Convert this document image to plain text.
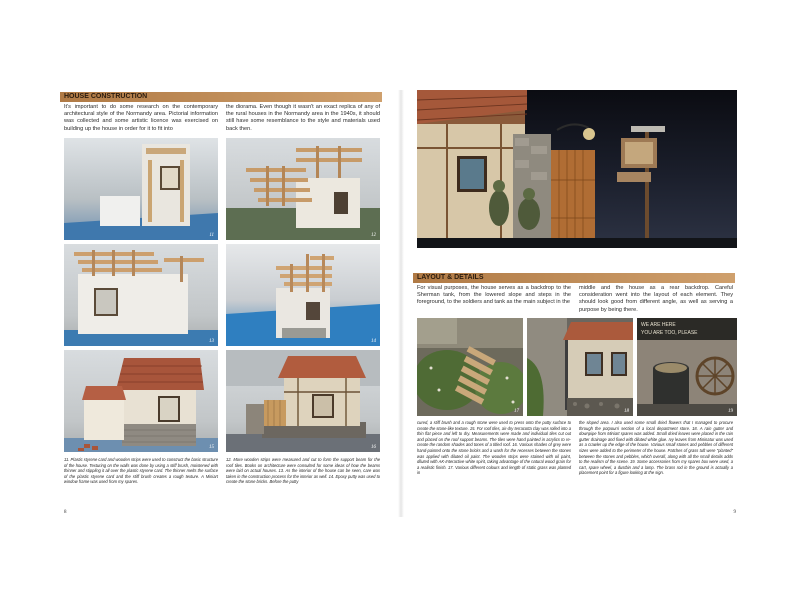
HOUSE CONSTRUCTION

It's important to do some research on the contemporary architectural style of the Normandy area. Pictorial information was collected and some artistic licence was exercised on building up the house in order for it to fit into

the diorama. Even though it wasn't an exact replica of any of the rural houses in the Normandy area in the 1940s, it should still have some resemblance to the style and materials used back then.

11	12
13	14
15	16

11. Plastic styrene card and wooden strips were used to construct the basic structure of the house. Texturing on the walls was done by using a stiff brush, moistened with thinner and stippling it all over the plastic styrene card. The thinner melts the surface of the plastic styrene card and the stiff brush creates a rough texture. A Miniart window frame was used from my spares.

12. More wooden strips were measured and cut to form the support beam for the roof tiles. Books on architecture were consulted for some ideas of how the beams were laid on actual houses. 13. As the interior of the house can be seen, care was taken in the construction process for the interior as well. 14. Epoxy putty was used to create the stone bricks. Before the putty

8
LAYOUT & DETAILS

For visual purposes, the house serves as a backdrop to the Sherman tank, from the lowered slope and steps in the foreground, to the soldiers and tank as the main subject in the

middle and the house as a rear backdrop. Careful consideration went into the layout of each element. They should look good from different angle, as well as serving a purpose by being there.

17	18
WE ARE HERE
YOU ARE TOO, PLEASE
19

cured, a stiff brush and a rough stone were used to press onto the putty surface to create the stone-like texture. 15. For roof tiles, air-dry terracotta clay was rolled into a thin flat piece and left to dry. Measurements were made and individual tiles cut out and placed on the roof support beams. The tiles were hand painted in acrylics to re-create the random shades and tones of a titled roof. 16. Various shades of grey were hand-painted onto the stone bricks and a wash for the recesses between the stones was applied with diluted oil paint. The wooden strips were stained with oil paint, diluted with AK-Interactive white spirit, taking advantage of the natural wood grain for a realistic finish. 17. Various different colours and length of static grass was planted in

the sloped area. I also used some small dried flowers that I managed to procure through the potpourri section of a local department store. 18. A rain gutter and downpipe from Miniart spares was added. Small dried leaves were placed in the rain gutter drainage and fixed with diluted white glue. Ivy leaves from Mininatur was used as a crawler up the edge of the house. Various small stones and pebbles of different sizes were added to the perimeter of the house. Patches of grass tuft were "planted" between the stones and pebbles, which overall, along with all the small details adds to the realism of the scene. 19. Some accessories from my spares box were used, a cart, spare wheel, a dustbin and a lamp. The brass rod in the ground is actually a placement point for a figure looking at the sign.

9
